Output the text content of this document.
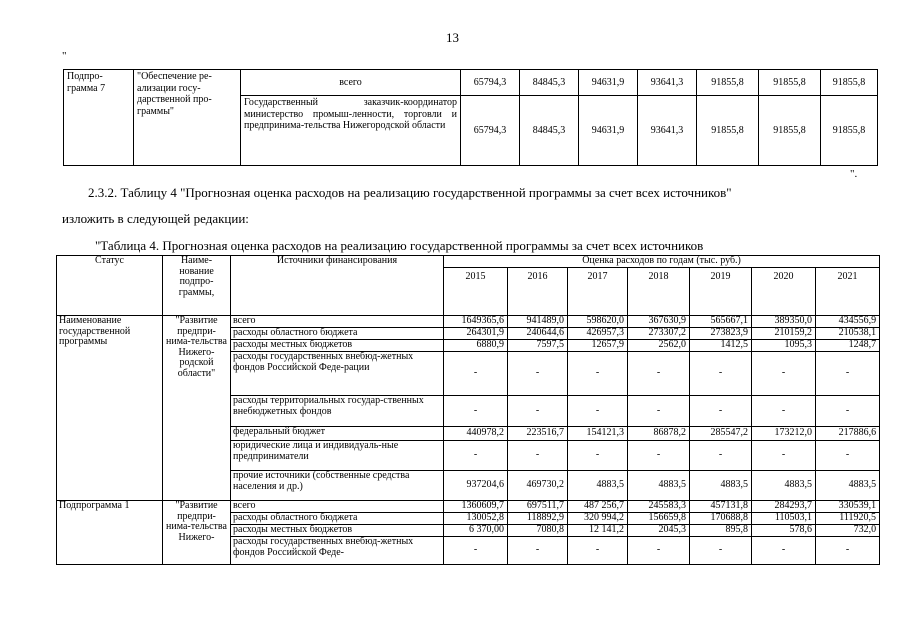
13
"
Подпро-грамма 7	"Обеспечение ре-ализации госу-дарственной про-граммы"	всего	65794,3	84845,3	94631,9	93641,3	91855,8	91855,8	91855,8
		Государственный заказчик-координатор министерство промыш-ленности, торговли и предпринима-тельства Нижегородской области	65794,3	84845,3	94631,9	93641,3	91855,8	91855,8	91855,8
".
2.3.2. Таблицу 4 "Прогнозная оценка расходов на реализацию государственной программы за счет всех источников"
изложить в следующей редакции:
"Таблица 4. Прогнозная оценка расходов на реализацию государственной программы за счет всех источников
Статус	Наиме-нование подпро-граммы,	Источники финансирования	Оценка расходов по годам (тыс. руб.)						
			2015	2016	2017	2018	2019	2020	2021
Наименование государственной программы	"Развитие предпри-нима-тельства Нижего-родской области"	всего	1649365,6	941489,0	598620,0	367630,9	565667,1	389350,0	434556,9
		расходы областного бюджета	264301,9	240644,6	426957,3	273307,2	273823,9	210159,2	210538,1
		расходы местных бюджетов	6880,9	7597,5	12657,9	2562,0	1412,5	1095,3	1248,7
		расходы государственных внебюд-жетных фондов Российской Феде-рации	-	-	-	-	-	-	-
		расходы территориальных государ-ственных внебюджетных фондов	-	-	-	-	-	-	-
		федеральный бюджет	440978,2	223516,7	154121,3	86878,2	285547,2	173212,0	217886,6
		юридические лица и индивидуаль-ные предприниматели	-	-	-	-	-	-	-
		прочие источники (собственные средства населения и др.)	937204,6	469730,2	4883,5	4883,5	4883,5	4883,5	4883,5
Подпрограмма 1	"Развитие предпри-нима-тельства Нижего-	всего	1360609,7	697511,7	487 256,7	245583,3	457131,8	284293,7	330539,1
		расходы областного бюджета	130052,8	118892,9	320 994,2	156659,8	170688,8	110503,1	111920,5
		расходы местных бюджетов	6 370,00	7080,8	12 141,2	2045,3	895,8	578,6	732,0
		расходы государственных внебюд-жетных фондов Российской Феде-	-	-	-	-	-	-	-
